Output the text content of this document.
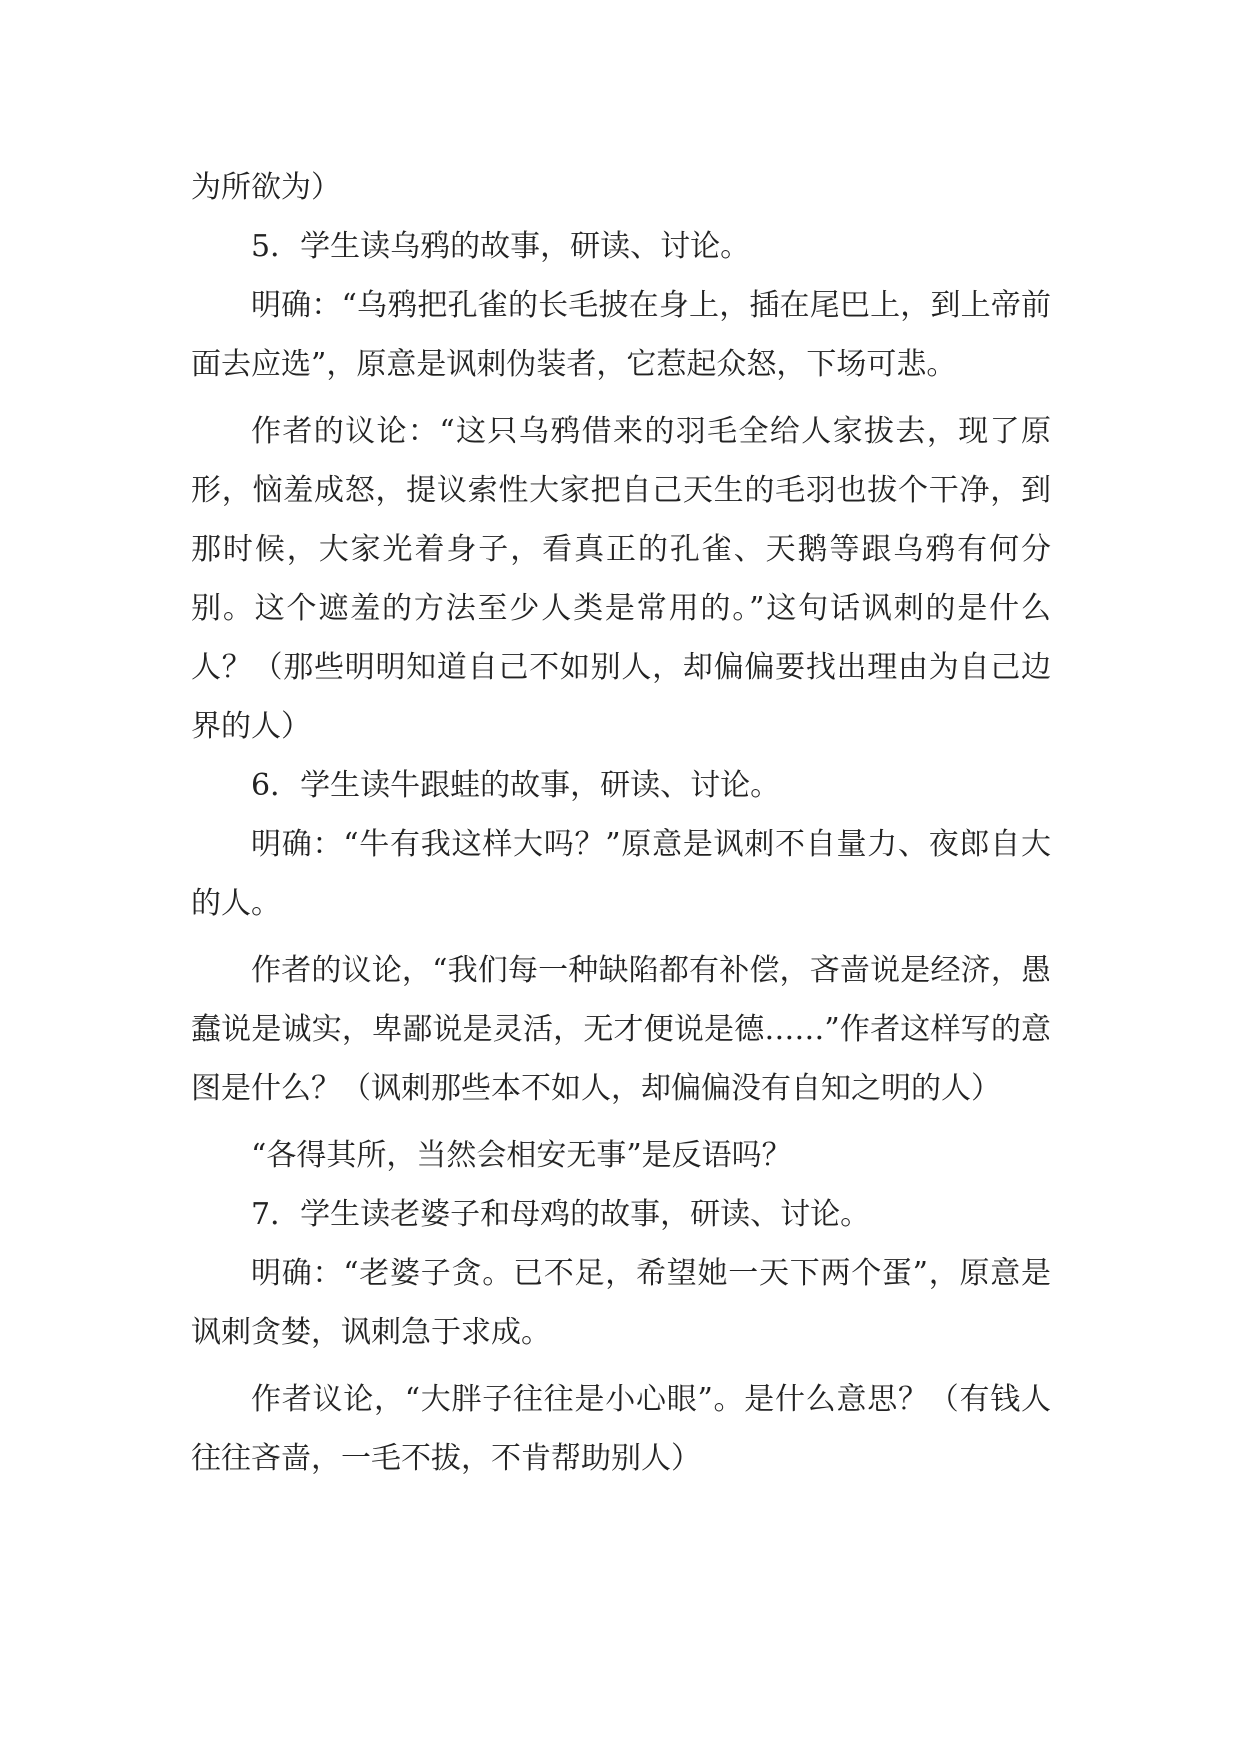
为所欲为）

5．学生读乌鸦的故事，研读、讨论。

明确：“乌鸦把孔雀的长毛披在身上，插在尾巴上，到上帝前面去应选”，原意是讽刺伪装者，它惹起众怒，下场可悲。

作者的议论：“这只乌鸦借来的羽毛全给人家拔去，现了原形，恼羞成怒，提议索性大家把自己天生的毛羽也拔个干净，到那时候，大家光着身子，看真正的孔雀、天鹅等跟乌鸦有何分别。这个遮羞的方法至少人类是常用的。”这句话讽刺的是什么人？（那些明明知道自己不如别人，却偏偏要找出理由为自己边界的人）

6．学生读牛跟蛙的故事，研读、讨论。

明确：“牛有我这样大吗？”原意是讽刺不自量力、夜郎自大的人。

作者的议论，“我们每一种缺陷都有补偿，吝啬说是经济，愚蠢说是诚实，卑鄙说是灵活，无才便说是德……”作者这样写的意图是什么？（讽刺那些本不如人，却偏偏没有自知之明的人）

“各得其所，当然会相安无事”是反语吗？

7．学生读老婆子和母鸡的故事，研读、讨论。

明确：“老婆子贪。已不足，希望她一天下两个蛋”，原意是讽刺贪婪，讽刺急于求成。

作者议论，“大胖子往往是小心眼”。是什么意思？（有钱人往往吝啬，一毛不拔，不肯帮助别人）
